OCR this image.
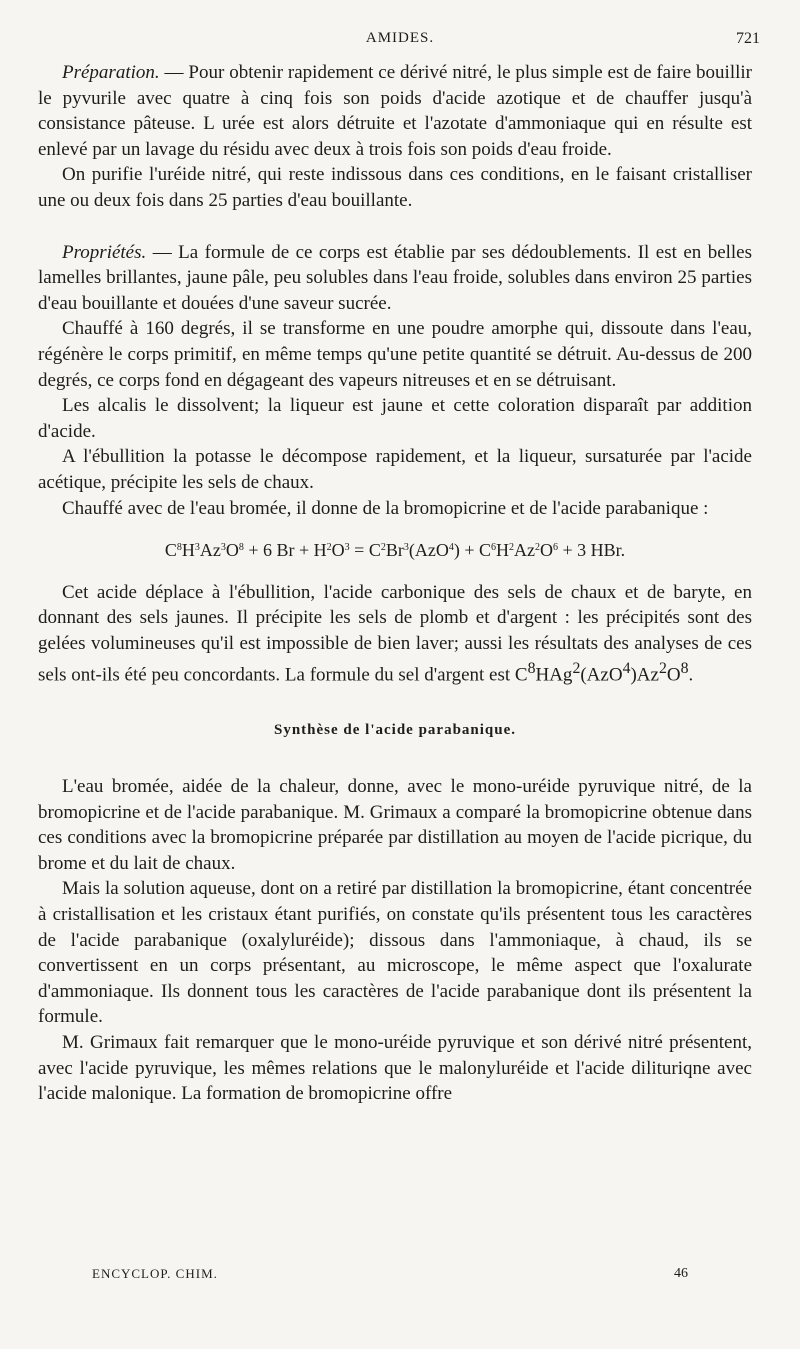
AMIDES.	721

Préparation. — Pour obtenir rapidement ce dérivé nitré, le plus simple est de faire bouillir le pyvurile avec quatre à cinq fois son poids d'acide azotique et de chauffer jusqu'à consistance pâteuse. L urée est alors détruite et l'azotate d'ammoniaque qui en résulte est enlevé par un lavage du résidu avec deux à trois fois son poids d'eau froide.

On purifie l'uréide nitré, qui reste indissous dans ces conditions, en le faisant cristalliser une ou deux fois dans 25 parties d'eau bouillante.

Propriétés. — La formule de ce corps est établie par ses dédoublements. Il est en belles lamelles brillantes, jaune pâle, peu solubles dans l'eau froide, solubles dans environ 25 parties d'eau bouillante et douées d'une saveur sucrée.

Chauffé à 160 degrés, il se transforme en une poudre amorphe qui, dissoute dans l'eau, régénère le corps primitif, en même temps qu'une petite quantité se détruit. Au-dessus de 200 degrés, ce corps fond en dégageant des vapeurs nitreuses et en se détruisant.

Les alcalis le dissolvent; la liqueur est jaune et cette coloration disparaît par addition d'acide.

A l'ébullition la potasse le décompose rapidement, et la liqueur, sursaturée par l'acide acétique, précipite les sels de chaux.

Chauffé avec de l'eau bromée, il donne de la bromopicrine et de l'acide parabanique :

$C^8H^3Az^3O^8 + 6$ $Br + H^2O^3 = C^2Br^3(AzO^4) + C^6H^2Az^2O^6 + 3$ HBr.

Cet acide déplace à l'ébullition, l'acide carbonique des sels de chaux et de baryte, en donnant des sels jaunes. Il précipite les sels de plomb et d'argent : les précipités sont des gelées volumineuses qu'il est impossible de bien laver; aussi les résultats des analyses de ces sels ont-ils été peu concordants. La formule du sel d'argent est $C^8HAg^2(AzO^4)Az^2O^8$.

Synthèse de l'acide parabanique.

L'eau bromée, aidée de la chaleur, donne, avec le mono-uréide pyruvique nitré, de la bromopicrine et de l'acide parabanique. M. Grimaux a comparé la bromopicrine obtenue dans ces conditions avec la bromopicrine préparée par distillation au moyen de l'acide picrique, du brome et du lait de chaux.

Mais la solution aqueuse, dont on a retiré par distillation la bromopicrine, étant concentrée à cristallisation et les cristaux étant purifiés, on constate qu'ils présentent tous les caractères de l'acide parabanique (oxalyluréide); dissous dans l'ammoniaque, à chaud, ils se convertissent en un corps présentant, au microscope, le même aspect que l'oxalurate d'ammoniaque. Ils donnent tous les caractères de l'acide parabanique dont ils présentent la formule.

M. Grimaux fait remarquer que le mono-uréide pyruvique et son dérivé nitré présentent, avec l'acide pyruvique, les mêmes relations que le malonyluréide et l'acide dilituriqne avec l'acide malonique. La formation de bromopicrine offre

ENCYCLOP. CHIM.	46
